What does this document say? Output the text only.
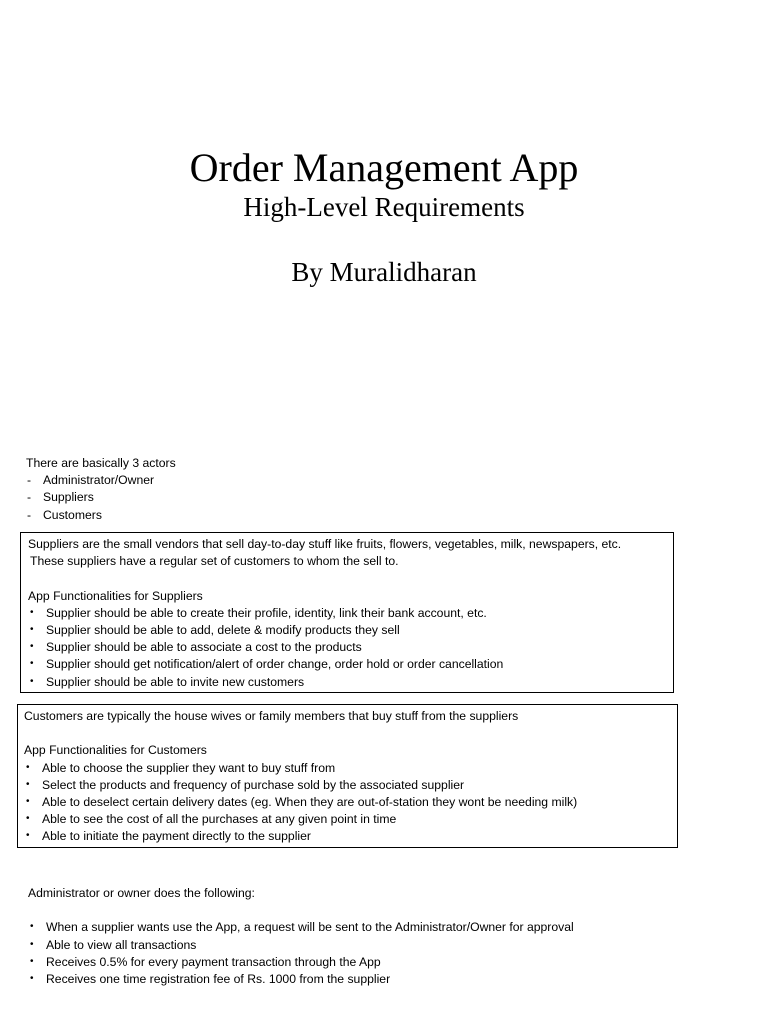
Order Management App
High-Level Requirements
By Muralidharan
There are basically 3 actors
- Administrator/Owner
- Suppliers
- Customers
Suppliers are the small vendors that sell day-to-day stuff like fruits, flowers, vegetables, milk, newspapers, etc.
These suppliers have a regular set of customers to whom the sell to.
App Functionalities for Suppliers
• Supplier should be able to create their profile, identity, link their bank account, etc.
• Supplier should be able to add, delete & modify products they sell
• Supplier should be able to associate a cost to the products
• Supplier should get notification/alert of order change, order hold or order cancellation
• Supplier should be able to invite new customers
Customers are typically the house wives or family members that buy stuff from the suppliers
App Functionalities for Customers
• Able to choose the supplier they want to buy stuff from
• Select the products and frequency of purchase sold by the associated supplier
• Able to deselect certain delivery dates (eg. When they are out-of-station they wont be needing milk)
• Able to see the cost of all the purchases at any given point in time
• Able to initiate the payment directly to the supplier
Administrator or owner does the following:
• When a supplier wants use the App, a request will be sent to the Administrator/Owner for approval
• Able to view all transactions
• Receives 0.5% for every payment transaction through the App
• Receives one time registration fee of Rs. 1000 from the supplier
